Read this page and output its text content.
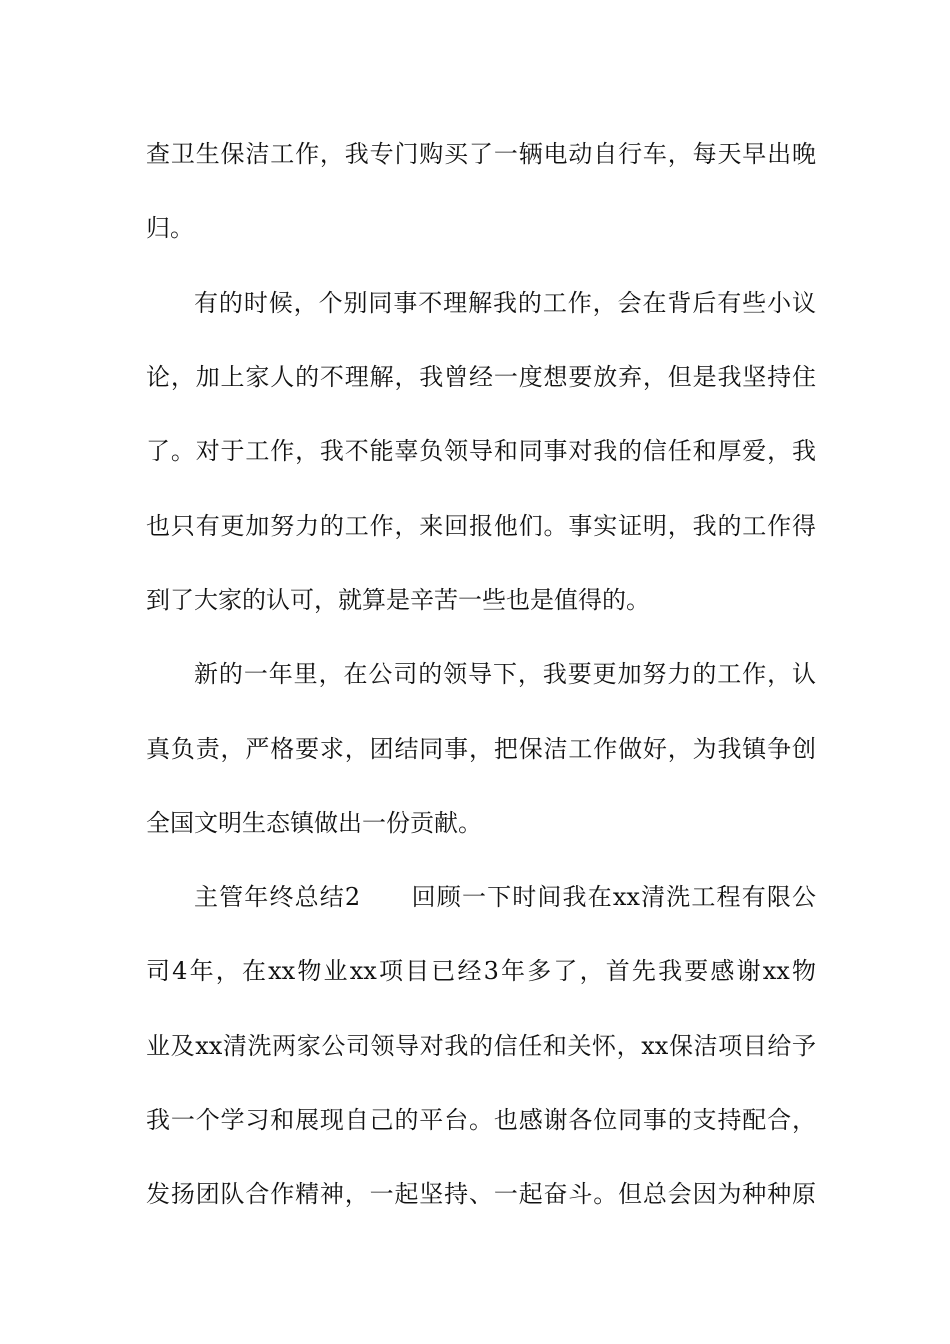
查卫生保洁工作，我专门购买了一辆电动自行车，每天早出晚
归。
有的时候，个别同事不理解我的工作，会在背后有些小议
论，加上家人的不理解，我曾经一度想要放弃，但是我坚持住
了。对于工作，我不能辜负领导和同事对我的信任和厚爱，我
也只有更加努力的工作，来回报他们。事实证明，我的工作得
到了大家的认可，就算是辛苦一些也是值得的。
新的一年里，在公司的领导下，我要更加努力的工作，认
真负责，严格要求，团结同事，把保洁工作做好，为我镇争创
全国文明生态镇做出一份贡献。
主管年终总结2　　回顾一下时间我在xx清洗工程有限公
司4年，在xx物业xx项目已经3年多了，首先我要感谢xx物
业及xx清洗两家公司领导对我的信任和关怀，xx保洁项目给予
我一个学习和展现自己的平台。也感谢各位同事的支持配合，
发扬团队合作精神，一起坚持、一起奋斗。但总会因为种种原
